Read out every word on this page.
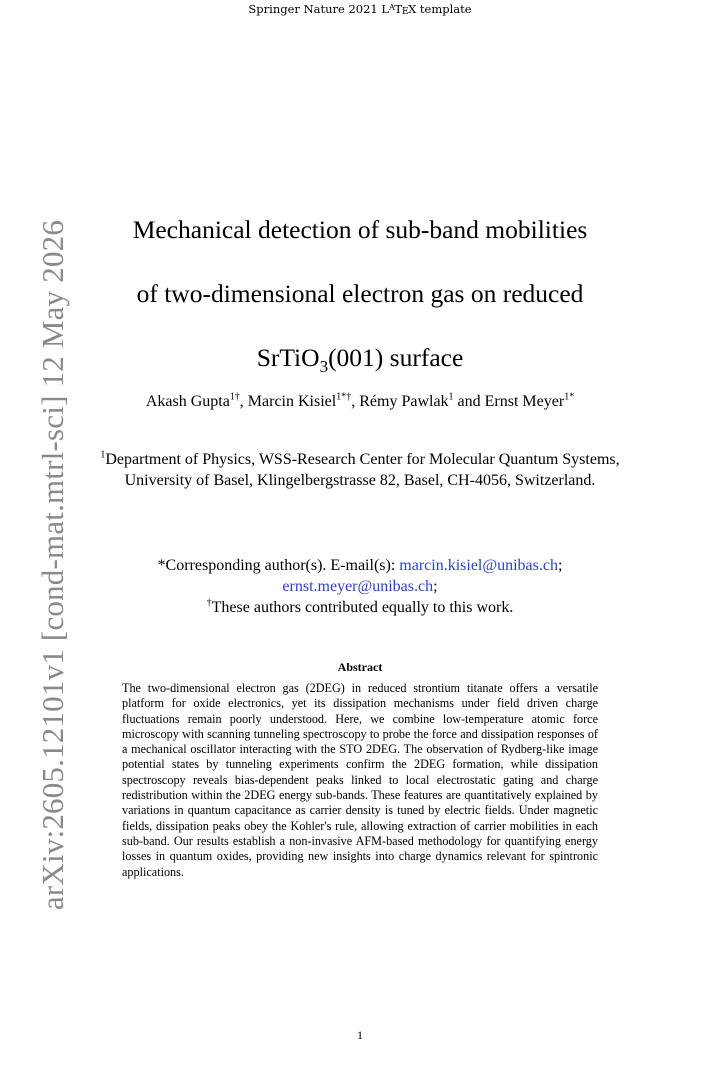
Springer Nature 2021 $L^ATEX$ template
arXiv:2605.12101v1 [cond-mat.mtrl-sci] 12 May 2026	Mechanical detection of sub-band mobilities
of two-dimensional electron gas on reduced
SrTiO$_3$(001) surface
Akash Gupta$^{1\dagger}$, Marcin Kisiel$^{1*\dagger}$, Rémy Pawlak$^1$ and Ernst Meyer$^{1*}$
$^1$Department of Physics, WSS-Research Center for Molecular Quantum Systems, University of Basel, Klingelbergstrasse 82, Basel, CH-4056, Switzerland.
*Corresponding author(s). E-mail(s): marcin.kisiel@unibas.ch;
ernst.meyer@unibas.ch;
†These authors contributed equally to this work.
Abstract
The two-dimensional electron gas (2DEG) in reduced strontium titanate offers a versatile platform for oxide electronics, yet its dissipation mechanisms under field driven charge fluctuations remain poorly understood. Here, we combine low-temperature atomic force microscopy with scanning tunneling spectroscopy to probe the force and dissipation responses of a mechanical oscillator interacting with the STO 2DEG. The observation of Rydberg-like image potential states by tunneling experiments confirm the 2DEG formation, while dissipation spectroscopy reveals bias-dependent peaks linked to local electrostatic gating and charge redistribution within the 2DEG energy sub-bands. These features are quantitatively explained by variations in quantum capacitance as carrier density is tuned by electric fields. Under magnetic fields, dissipation peaks obey the Kohler's rule, allowing extraction of carrier mobilities in each sub-band. Our results establish a non-invasive AFM-based methodology for quantifying energy losses in quantum oxides, providing new insights into charge dynamics relevant for spintronic applications.
1
